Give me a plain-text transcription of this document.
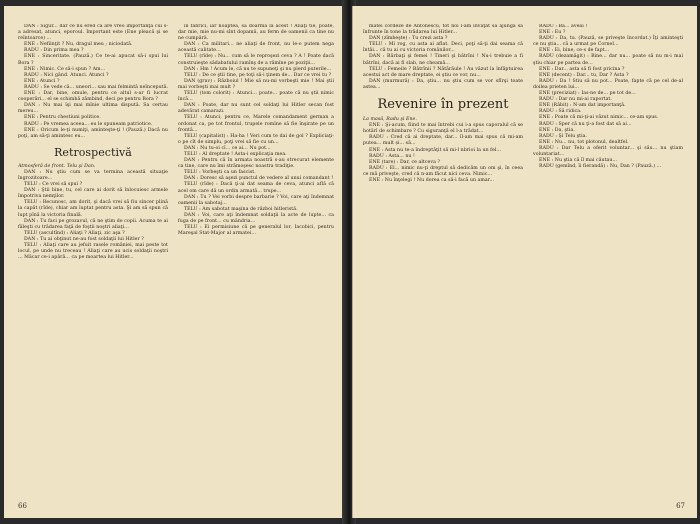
DAN : Sigur... dar ce nu ered că are vreo importanţă cui s-a adresat, atunci, eporoul. Important este (Ene pleacă şi se reîntoarce) ...

ENE : Nefiinţit ? Nu, dragul meu ; niciodată.

RADU : Din prima mea ?

ENE : Sinceritate. (Pauză.) Ce te-ai apucat să-i spui lui Bora ?

ENE : Nimic. Ce să-i spun ? Am...

RADU : Nici gând. Atunci. Atunci ?

ENE : Atunci ?

RADU : Se vede că... uneori... sau mai felmintă neîncepută.

ENE : Dar, bine, omule, pentru ce altul s-ar fi lucrat cooperări... el se schimbă zâmbind, deci pe pentru Bora ?

DAN : Nu mai îşi mai mînie ultima dispută. Sa certau mereu...

ENE : Pentru chestiuni politice.

RADU : Pe vremea aceea... eu le spuneam patriotice.

ENE : Oricum le-ţi numiţi, aminteşte-ţi ! (Pauză.) Dacă nu poţi, am să-ţi amintesc eu...

Retrospectivă

Atmosferă de front. Telu şi Dan.

DAN : Nu ştiu cum se va termina această situaţie îngrozitoare...

TELU : Ce vrei să spui ?

DAN : Ştii bine, tu, cel care ai dorit să înlocuiesc armele împotriva nemţilor.

TELU : Recunosc, am dorit, şi dacă vrei să fiu sincer plină la capăt (rîde), chiar am luptat pentru asta. Şi am să spun că lupt pînă la victoria finală.

DAN : Tu faci pe grozavul, că ne ştim de copii. Acuma te ai făleşti cu trădarea faţă de foştii noştri aliaţi...

TELU (ascultînd) : Aliaţi ? Aliaţi, zic aşa ?

DAN : Tu ai obţinut ne-au fost soldaţii lui Hitler ?

TELU : Aliaţi care au jefuit rasele româniei, mai peste tot locul, pe unde nu treceau ! Aliaţi care au ucis soldaţii noştri ... Măcar ce-i apără... ca pe moartea lui Hitler...

în fabrici, iar noaptea, să doarmă la acest ! Aliaţi tie, poate, dar mie, mie nu-mi sînt dopamii, au ferm de oamenii ca tine nu ne cumpără.

DAN : Ca militari... ne aliaţi de front, nu le-o putem nega această calitate...

TELU (rîde) : Nu... cum să le reproşezi ceva ? A ! Poate dacă construieşte sădabatului ramînş de a rămîne pe poziţii...

DAN : Hm ! Acum le, că nu te supuneţi şi nu pierd puterile...

TELU : De ce ştii tine, pe toţi să-i ţinem de... Dar ce vrei tu ?

DAN (grav) : Războiul ! Mie să nu-mi vorbeşti mie ! Mai ştii mai vorbeşti mai mult ?

TELU (tom colorit) : Atunci... poate... poate că nu ştii nimic încă...

DAN : Poate, dar nu sunt cel soldaţi lui Hitler secan fost adevărat camarazi.

TELU : Atunci, pentru ce, Marele comandament german a ordonat ca, pe tot frontul, trupele romîne să fie înşirate pe un frontă...

TELU (capitalist) : Ha-ha ! Veri cum te dai de gol ? Expliciaţi-o pe cît de simplu, poţi vrei să fie cu un...

DAN : Nu tu-oi cî... ce ai... Nu pot...

TELU : Al dreptate ! Asta-i explicaţia mea.

DAN : Pentru că în armata noastră s-au strecurat elemente ca tine, care nu îmi strămoşesc noastra tradiţie.

TELU : Vorbeşti ca un fascist.

DAN : Doresc să aşezi punctul de vedere al unui comandant !

TELU (rîde) : Dacă ţi-ai dat seama de ceva, atunci află că acel om care dă un ordin armată... trupe...

DAN : Tu ? Vei vorbi despre barbarie ? Voi, care aţi îndemnat oamenii la sabotaj...

TELU : Am sabotat maşina de război hitleristă.

DAN : Voi, care aţi îndemnat soldaţii la acte de lupte... ca fuga de pe front... cu mândria...

TELU : Ei permisiune că pe generalul lor, Iacobici, pentru Mareşal Stat-Major al armatei...

66

matei cordeze de Antonescu, tot noi l-am învăţat să ajungă să înfrunte în tone la trădarea lui Hitler...

DAN (zîmbeşte) : Tu crezi asta ?

TELU : Mi rog, cu asta ai aflat. Deci, poţi să-ţi dai seama că întâi... că tu ai cu victoria românilor...

DAN : Bărbaţi şi femei ! Tineri şi bătrîni ! Nu-i trebuie a fi bătrîni, dacă ai fi slab, ne cheamă...

TELU : Femeile ? Bătrînii ? Nătărăule ! Au văzut la înfăptuirea acestui act de mare dreptate, ei ştiu ce vor, nu...

DAN (murmură) : Da, ştiu... nu ştiu cum se vor sfîrşi toate astea...

Revenire în prezent

La masă, Radu şi Ene.

ENE : Şi-acum, fiind te mai întrebi cui i-a spus caporalul că se hotărî de schimbare ? Cu siguranţă el l-a trădat...

RADU : Cred că ai dreptate, dar... îl-am mai spus că mi-am putea... mult și... să...

ENE : Asta nu te-a îndreptăţit să mi-l nbrioi la un fel...

RADU : Asta... nu !

ENE (tare) : Dar, ce altceva ?

RADU : El... nimic nu-ţi dreptul să dedicăm un om şi, în ceea ce mă priveşte, cred că n-am făcut nici ceva. Nimic...

ENE : Nu înţelegi ! Nu dorea ca să-i facă un amar...

RADU : Ba... aveai !

ENE : Eu ?

RADU : Da, tu. (Pauză, se priveşte încordat.) Îţi aminteşti ce nu ştia... că a urmat pe Cornel...

ENE : Ei, bine, ce-s de fapt...

RADU (dezamăgit) : Bine... dar nu... poate să nu m-i mai ştiu chiar pe partea de...

ENE : Dar... asta să fi fost pricina ?

ENE (decent) : Dar... tu, Dar ? Asta ?

RADU : Da ! Stiu să nu pot... Poate, fapte că pe cel de-al doilea prieten lui...

ENE (preciziat) : Ias-ne de... pe tot de...

RADU : Dar nu mi-ai raportat.

ENE (Râbit) : N-am dat importanţă.

RADU : Să ridica.

ENE : Poate că mi-ţi-ai văzut nimic... ce-am spus.

RADU : Sper că nu ţi-a fost dat să ai...

ENE : Da, ştia.

RADU : Şi Telu ştia.

ENE : Nu... nu, tot plotonul, dealtfel.

RADU : Dar Telu a oferit voluntar... şi său... nu ştiam voluntariat...

ENE : Nu ştia că îl mai căutau...

RADU (gemînd, îi fierandă) : Nu, Dan ? (Pauză.) ...

67
